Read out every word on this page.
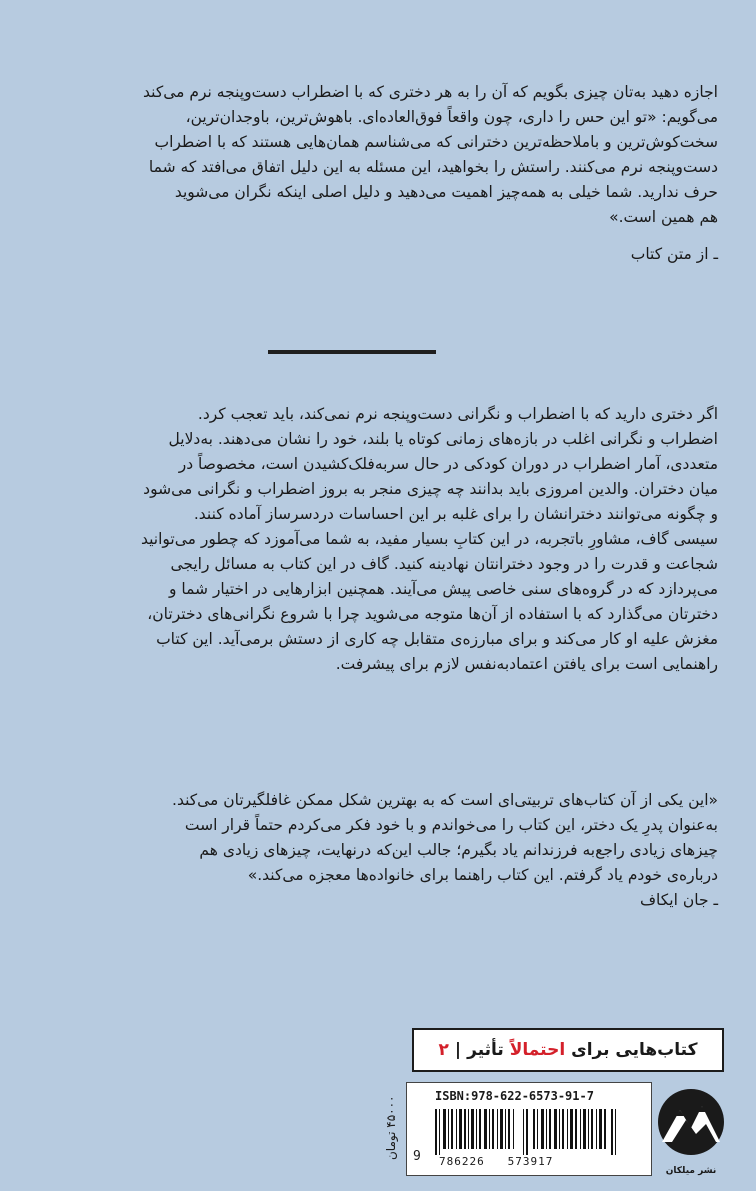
اجازه دهید به‌تان چیزی بگویم که آن را به هر دختری که با اضطراب دست‌وپنجه نرم می‌کند

می‌گویم: «تو این حس را داری، چون واقعاً فوق‌العاده‌ای. باهوش‌ترین، باوجدان‌ترین،

سخت‌کوش‌ترین و باملاحظه‌ترین دخترانی که می‌شناسم همان‌هایی هستند که با اضطراب

دست‌وپنجه نرم می‌کنند. راستش را بخواهید، این مسئله به این دلیل اتفاق می‌افتد که شما

حرف ندارید. شما خیلی به همه‌چیز اهمیت می‌دهید و دلیل اصلی اینکه نگران می‌شوید

هم همین است.»

ـ از متن کتاب

اگر دختری دارید که با اضطراب و نگرانی دست‌وپنجه نرم نمی‌کند، باید تعجب کرد.

اضطراب و نگرانی اغلب در بازه‌های زمانی کوتاه یا بلند، خود را نشان می‌دهند. به‌دلایل

متعددی، آمار اضطراب در دوران کودکی در حال سربه‌فلک‌کشیدن است، مخصوصاً در

میان دختران. والدین امروزی باید بدانند چه چیزی منجر به بروز اضطراب و نگرانی می‌شود

و چگونه می‌توانند دخترانشان را برای غلبه بر این احساسات دردسرساز آماده کنند.

سیسی گاف، مشاورِ باتجربه، در این کتابِ بسیار مفید، به شما می‌آموزد که چطور می‌توانید

شجاعت و قدرت را در وجود دخترانتان نهادینه کنید. گاف در این کتاب به مسائل رایجی

می‌پردازد که در گروه‌های سنی خاصی پیش می‌آیند. همچنین ابزارهایی در اختیار شما و

دخترتان می‌گذارد که با استفاده از آن‌ها متوجه می‌شوید چرا با شروع نگرانی‌های دخترتان،

مغزش علیه او کار می‌کند و برای مبارزه‌ی متقابل چه کاری از دستش برمی‌آید. این کتاب

راهنمایی است برای یافتن اعتمادبه‌نفس لازم برای پیشرفت.

«این یکی از آن کتاب‌های تربیتی‌ای است که به بهترین شکل ممکن غافلگیرتان می‌کند.

به‌عنوان پدرِ یک دختر، این کتاب را می‌خواندم و با خود فکر می‌کردم حتماً قرار است

چیزهای زیادی راجع‌به فرزندانم یاد بگیرم؛ جالب این‌که درنهایت، چیزهای زیادی هم

درباره‌ی خودم یاد گرفتم. این کتاب راهنما برای خانواده‌ها معجزه می‌کند.»

ـ جان ایکاف

کتاب‌هایی برای

احتمالاً

تأثیر
|
۲
۴۵۰۰۰ تومان	ISBN:978-622-6573-91-7
9 786226   573917
نشر میلکان
